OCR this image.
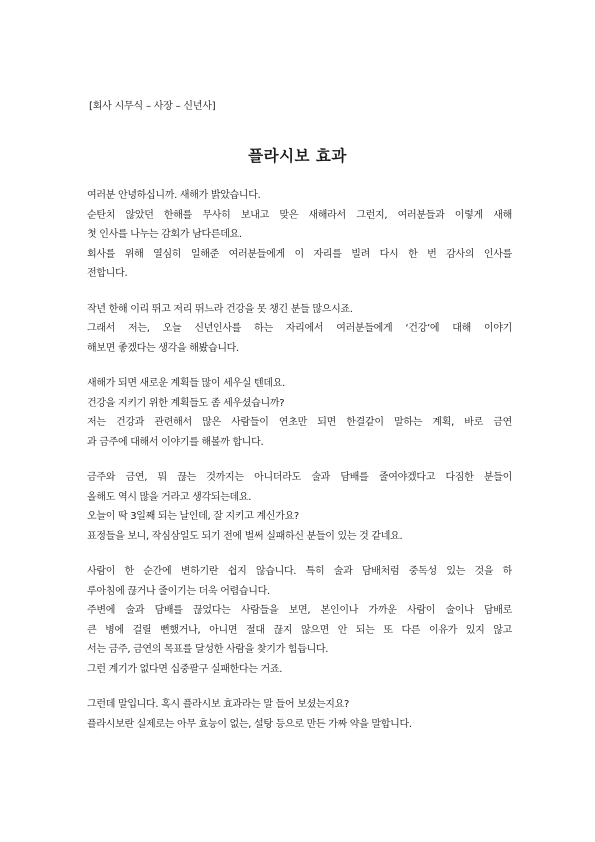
[회사 시무식 – 사장 – 신년사]
플라시보 효과
여러분 안녕하십니까. 새해가 밝았습니다.
순탄치 않았던 한해를 무사히 보내고 맞은 새해라서 그런지, 여러분들과 이렇게 새해
첫 인사를 나누는 감회가 남다른데요.
회사를 위해 열심히 일해준 여러분들에게 이 자리를 빌려 다시 한 번 감사의 인사를
전합니다.
작년 한해 이리 뛰고 저리 뛰느라 건강을 못 챙긴 분들 많으시죠.
그래서 저는, 오늘 신년인사를 하는 자리에서 여러분들에게 ‘건강’에 대해 이야기
해보면 좋겠다는 생각을 해봤습니다.
새해가 되면 새로운 계획들 많이 세우실 텐데요.
건강을 지키기 위한 계획들도 좀 세우셨습니까?
저는 건강과 관련해서 많은 사람들이 연초만 되면 한결같이 말하는 계획, 바로 금연
과 금주에 대해서 이야기를 해볼까 합니다.
금주와 금연, 뭐 끊는 것까지는 아니더라도 술과 담배를 줄여야겠다고 다짐한 분들이
올해도 역시 많을 거라고 생각되는데요.
오늘이 딱 3일째 되는 날인데, 잘 지키고 계신가요?
표정들을 보니, 작심삼일도 되기 전에 벌써 실패하신 분들이 있는 것 같네요.
사람이 한 순간에 변하기란 쉽지 않습니다. 특히 술과 담배처럼 중독성 있는 것을 하
루아침에 끊거나 줄이기는 더욱 어렵습니다.
주변에 술과 담배를 끊었다는 사람들을 보면, 본인이나 가까운 사람이 술이나 담배로
큰 병에 걸릴 뻔했거나, 아니면 절대 끊지 않으면 안 되는 또 다른 이유가 있지 않고
서는 금주, 금연의 목표를 달성한 사람을 찾기가 힘듭니다.
그런 계기가 없다면 십중팔구 실패한다는 거죠.
그런데 말입니다. 혹시 플라시보 효과라는 말 들어 보셨는지요?
플라시보란 실제로는 아무 효능이 없는, 설탕 등으로 만든 가짜 약을 말합니다.
